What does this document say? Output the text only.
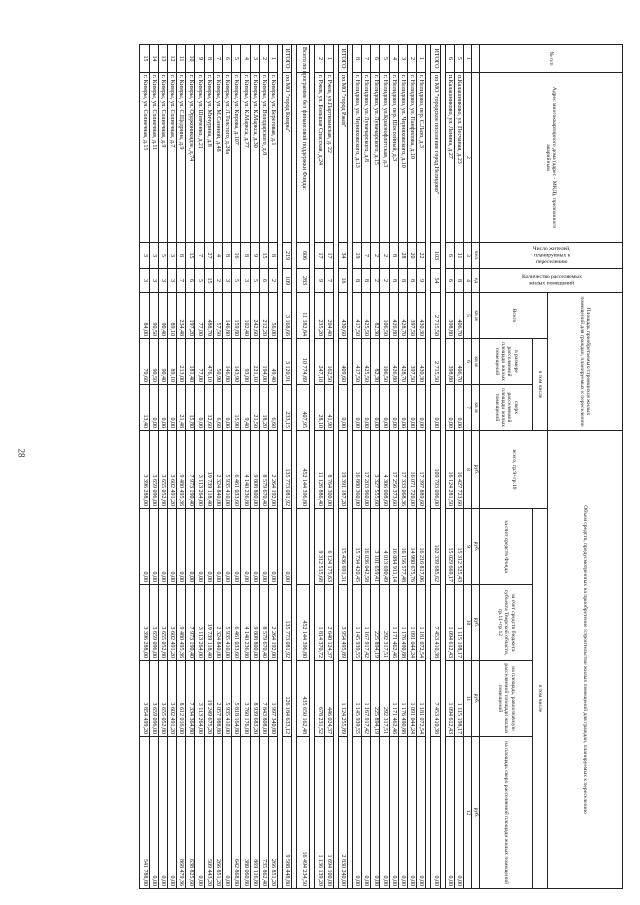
28
№ п/п	Адрес многоквартирного дома (адрес - МКД), признанного аварийным	Число жителей, планируемых к переселению	Количество расселяемых жилых помещений	Площадь приобретаемых/строящихся жилых помещений для граждан, планируемых к переселению			Объем средств, предусмотренных на приобретение /строительство жилых помещений для граждан, планируемых к переселению				
				Всего	в том числе		всего, гр.9+гр.10	в том числе			
					в размере расселяемой площади жилых помещений	сверх расселяемой площади жилых помещений		за счет средств Фонда	за счет средств бюджета субъекта Тверской области, гр.11+гр.12	на площадь, равнозначную расселяемой площади жилых помещений	на площадь сверх расселяемой площади жилых помещений
		чел.	ед	кв м	кв м	кв м	руб.	руб.	руб.	руб.	руб.
1	2	3	4	5	6	7	8	9	10	11	12
5	п.Калашниково, ул. Песчаная, д.23	11	8	406,70	406,70	0,00	16 427 723,60	15 312 525,43	1 115 198,17	1 115 198,17	0,00
6	п.Калашниково, ул. Ленина, д.27	6	6	398,80	398,80	0,00	16 124 281,50	15 029 669,17	1 094 612,43	1 094 612,43	0,00

ИТОГО	по МО "городское поселение город Нелидово"	103	54	2 715,50	2 715,50	0,00	109 793 096,00	102 339 685,62	7 453 410,38	7 453 410,38	0,00

1	г. Нелидово, пер. С.Лазо, д.3	22	9	430,30	430,30	0,00	17 397 889,60	16 216 817,06	1 181 072,54	1 181 072,54	0,00
2	г. Нелидово, ул. Панфилова, д.10	20	8	397,50	397,50	0,00	16 071 720,00	14 980 675,76	1 091 044,24	1 091 044,24	0,00
3	г. Нелидово, ул. Черняховского, д.10	28	8	428,70	428,70	0,00	17 333 068,36	16 156 577,48	1 176 490,88	1 176 490,88	0,00
4	г. Нелидово, пер. Шоссейный, д.3	8	8	426,80	426,80	0,00	17 256 373,60	16 084 911,14	1 171 462,46	1 171 462,46	0,00
5	г. Нелидово, ул.Краснофлотская, д.3	2	2	106,50	106,50	0,00	4 306 008,60	4 013 690,49	292 317,51	292 317,51	0,00
6	г. Нелидово, ул. Луначарского, д.15	2	2	82,30	82,30	0,00	3 327 555,60	3 101 659,41	225 894,19	225 894,19	0,00
7	г. Нелидово, ул. Луначарского, д.8	7	8	425,50	425,50	0,00	17 203 960,00	16 036 042,58	1 167 917,42	1 167 917,42	0,00
8	г. Нелидово, ул. Черняховского, д.13	19	8	417,50	417,50	0,00	16 880 360,00	15 734 420,45	1 145 939,55	1 145 939,55	0,00

ИТОГО	по МО "город Ржев"	34	16	430,60	409,60	0,00	19 391 187,20	15 436 691,31	3 954 495,89	1 124 255,89	2 830 240,00

1	г. Ржев, ул.Партизанская, д. 22	17	7	204,40	162,50	41,90	8 764 300,00	6 124 175,63	2 640 124,37	446 024,37	1 694 100,00
2	г. Ржев, ул. Большая Спасская, д.24	17	9	235,20	247,10	28,10	11 126 886,40	9 312 515,68	1 814 370,72	678 231,52	1 136 139,20

Всего по программе без финансовой поддержки Фонда:		606	283	11 182,84	10 774,89	407,95	452 144 396,80		452 144 396,80	435 650 162,48	16 494 234,50

ИТОГО	по МО "город Кимры"	219	109	3 168,66	3 120,91	233,15	135 773 081,92	0,00	135 773 081,92	126 184 633,12	9 588 448,80

1	г. Кимры, ул. Береговая, д.1	8	2	56,00	49,40	6,60	2 264 192,00	0,00	2 264 192,00	1 997 340,80	266 851,20
2	г. Кимры, ул. Володарского, д.8	15	6	212,20	194,00	18,20	8 579 670,40	0,00	8 579 670,40	7 843 808,00	735 862,40
3	г. Кимры, ул. К.Маркса, д.30	9	5	242,60	221,10	21,50	9 808 800,00	0,00	9 808 800,00	8 939 683,20	869 116,80
4	г. Кимры, ул. К.Маркса, д.77	8	3	102,40	93,00	9,40	4 140 236,80	0,00	4 140 236,80	3 760 176,00	380 060,80
5	г. Кимры, ул. Кирова, д.107	16	5	159,80	143,90	15,90	6 461 033,60	0,00	6 461 033,60	5 818 164,80	642 868,80
6	г. Кимры, ул. Л.Толстого, д.28а	8	3	146,80	146,80	0,00	5 935 410,00	0,00	5 935 410,00	5 935 410,00	0,00
7	г. Кимры, ул. М.Сазиной, д.48	4	2	57,50	50,90	6,60	2 324 840,00	0,00	2 324 840,00	2 057 988,80	266 851,20
8	г. Кимры, ул. Мичурина, д.8	27	15	488,70	476,10	12,60	19 739 118,40	0,00	19 739 118,40	19 249 675,20	509 443,20
9	г. Кимры, ул. Шевченко, д.21	7	5	77,00	77,00	0,00	3 113 264,00	0,00	3 113 264,00	3 113 264,00	0,00
10	г. Кимры, ул. Орджоникидзе, д.74	15	6	197,20	181,40	15,80	7 973 190,40	0,00	7 973 190,40	7 334 364,80	638 825,60
11	г. Кимры, ул. С.Щедрина, д.9	8	7	234,48	213,00	21,48	9 480 495,36	0,00	9 480 495,36	8 612 016,00	868 479,36
12	г. Кимры, ул. Солнечная, д.7	3	3	89,10	89,10	0,00	3 602 491,20	0,00	3 602 491,20	3 602 491,20	0,00
13	г. Кимры, ул. Солнечная, д.9	5	3	90,40	90,40	0,00	3 655 052,80	0,00	3 655 052,80	3 655 052,80	0,00
14	г. Кимры, ул. Солнечная, д.11	3	3	90,50	90,50	0,00	3 659 096,00	0,00	3 659 096,00	3 659 096,00	0,00
15	г. Кимры, ул. Солнечная, д.15	3	3	84,00	70,60	13,40	3 396 288,00	0,00	3 396 288,00	3 854 499,20	541 788,80
